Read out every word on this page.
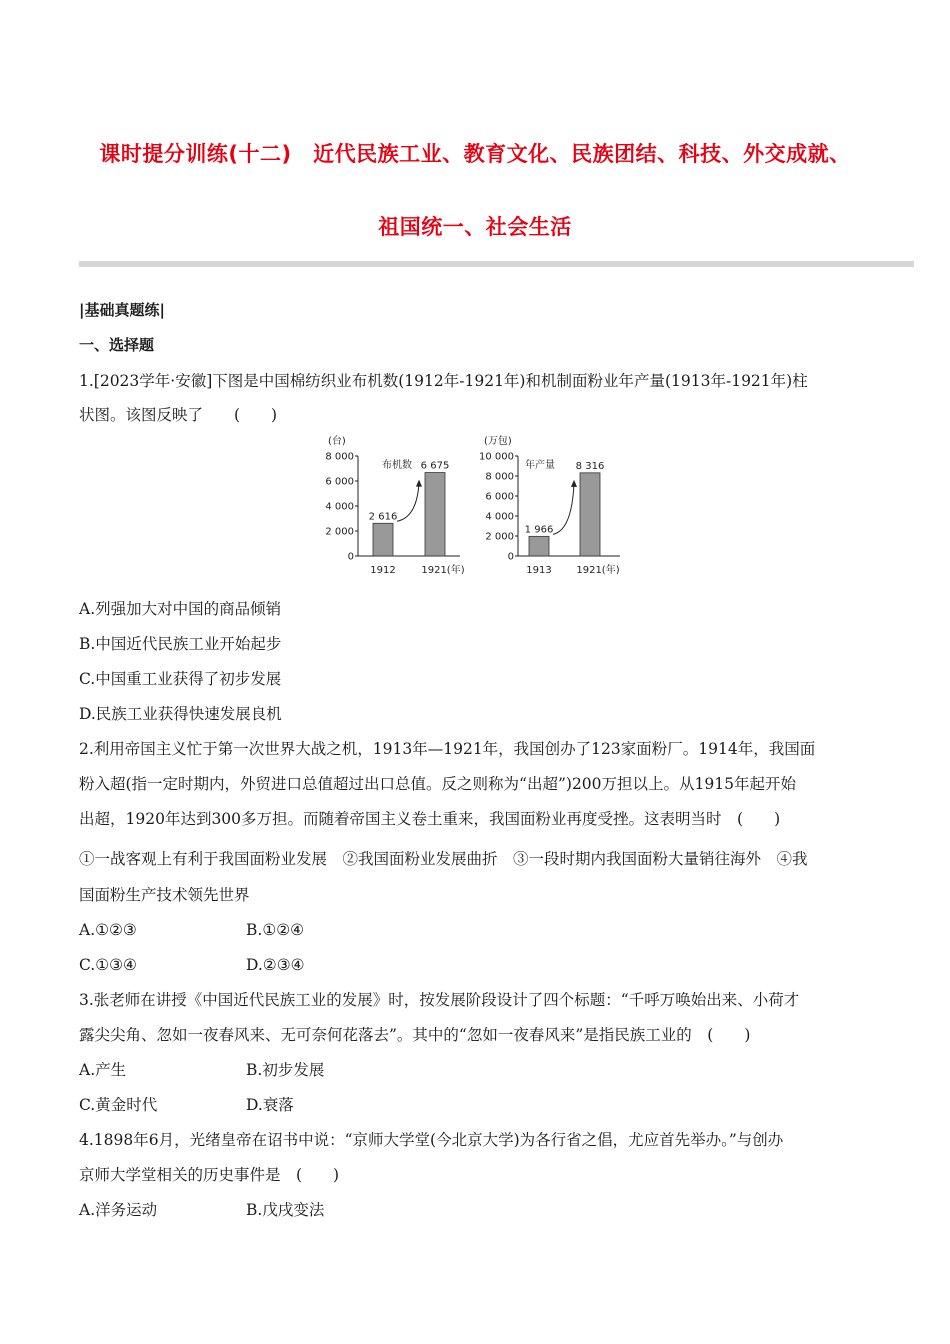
课时提分训练(十二)　近代民族工业、教育文化、民族团结、科技、外交成就、
祖国统一、社会生活
|基础真题练|
一、选择题
1.[2023学年·安徽]下图是中国棉纺织业布机数(1912年-1921年)和机制面粉业年产量(1913年-1921年)柱
状图。该图反映了　　(　　)
(台)
0
2 000
4 000
6 000
8 000
2 616
1912
6 675
1921(年)
布机数
(万包)
0
2 000
4 000
6 000
8 000
10 000
1 966
1913
8 316
1921(年)
年产量
A.列强加大对中国的商品倾销
B.中国近代民族工业开始起步
C.中国重工业获得了初步发展
D.民族工业获得快速发展良机
2.利用帝国主义忙于第一次世界大战之机，1913年—1921年，我国创办了123家面粉厂。1914年，我国面
粉入超(指一定时期内，外贸进口总值超过出口总值。反之则称为“出超”)200万担以上。从1915年起开始
出超，1920年达到300多万担。而随着帝国主义卷土重来，我国面粉业再度受挫。这表明当时　(　　)
①一战客观上有利于我国面粉业发展　②我国面粉业发展曲折　③一段时期内我国面粉大量销往海外　④我
国面粉生产技术领先世界
A.①②③	B.①②④
C.①③④	D.②③④
3.张老师在讲授《中国近代民族工业的发展》时，按发展阶段设计了四个标题：“千呼万唤始出来、小荷才
露尖尖角、忽如一夜春风来、无可奈何花落去”。其中的“忽如一夜春风来”是指民族工业的　(　　)
A.产生	B.初步发展
C.黄金时代	D.衰落
4.1898年6月，光绪皇帝在诏书中说：“京师大学堂(今北京大学)为各行省之倡，尤应首先举办。”与创办
京师大学堂相关的历史事件是　(　　)
A.洋务运动	B.戊戌变法
